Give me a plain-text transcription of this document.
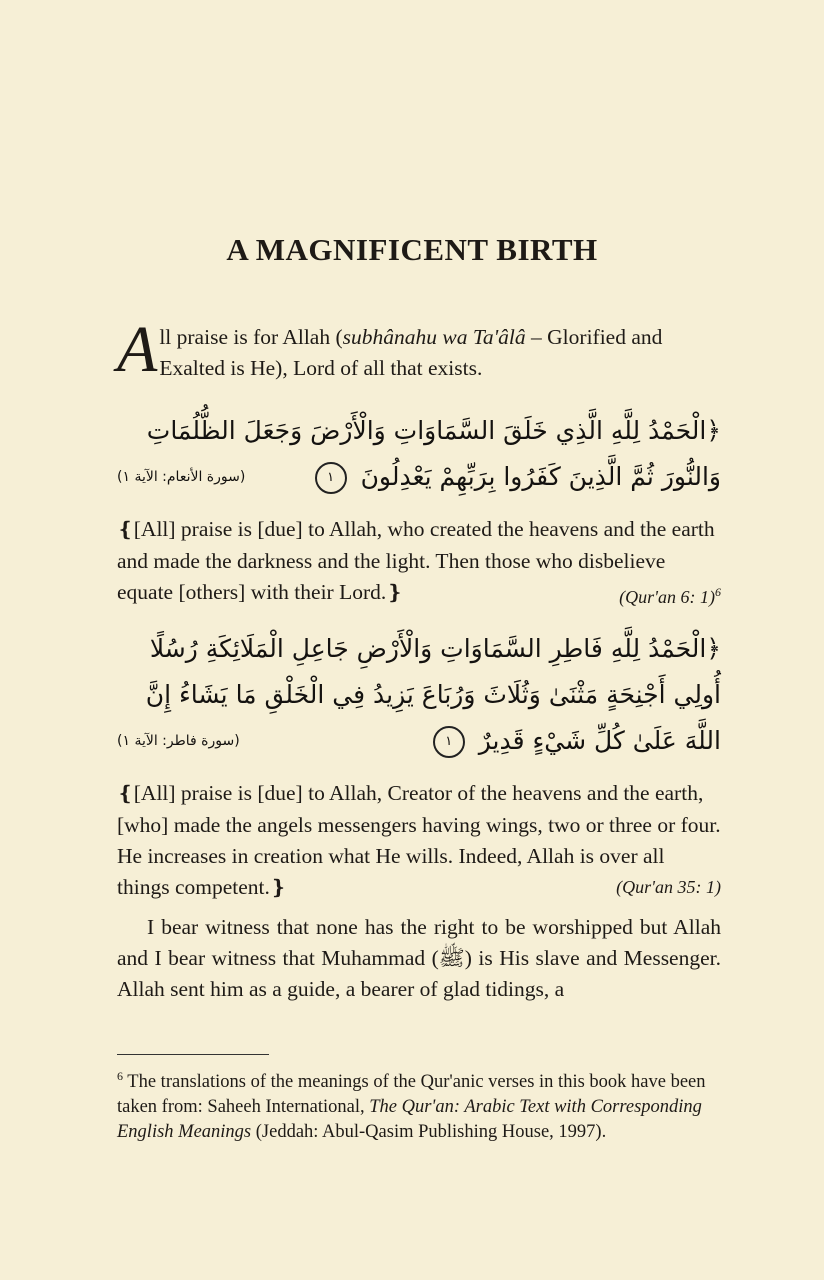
A MAGNIFICENT BIRTH

All praise is for Allah (subhânahu wa Ta'âlâ – Glorified and Exalted is He), Lord of all that exists.

﴿الْحَمْدُ لِلَّهِ الَّذِي خَلَقَ السَّمَاوَاتِ وَالْأَرْضَ وَجَعَلَ الظُّلُمَاتِ وَالنُّورَ ثُمَّ الَّذِينَ كَفَرُوا بِرَبِّهِمْ يَعْدِلُونَ ١
(سورة الأنعام: الآية ١)

❴[All] praise is [due] to Allah, who created the heavens and the earth and made the darkness and the light. Then those who disbelieve equate [others] with their Lord.❵	(Qur'an 6: 1)$^6$

﴿الْحَمْدُ لِلَّهِ فَاطِرِ السَّمَاوَاتِ وَالْأَرْضِ جَاعِلِ الْمَلَائِكَةِ رُسُلًا أُولِي أَجْنِحَةٍ مَثْنَىٰ وَثُلَاثَ وَرُبَاعَ يَزِيدُ فِي الْخَلْقِ مَا يَشَاءُ إِنَّ اللَّهَ عَلَىٰ كُلِّ شَيْءٍ قَدِيرٌ ١
(سورة فاطر: الآية ١)

❴[All] praise is [due] to Allah, Creator of the heavens and the earth, [who] made the angels messengers having wings, two or three or four. He increases in creation what He wills. Indeed, Allah is over all things competent.❵	(Qur'an 35: 1)

I bear witness that none has the right to be worshipped but Allah and I bear witness that Muhammad (ﷺ) is His slave and Messenger. Allah sent him as a guide, a bearer of glad tidings, a

$^6$ The translations of the meanings of the Qur'anic verses in this book have been taken from: Saheeh International, The Qur'an: Arabic Text with Corresponding English Meanings (Jeddah: Abul-Qasim Publishing House, 1997).
